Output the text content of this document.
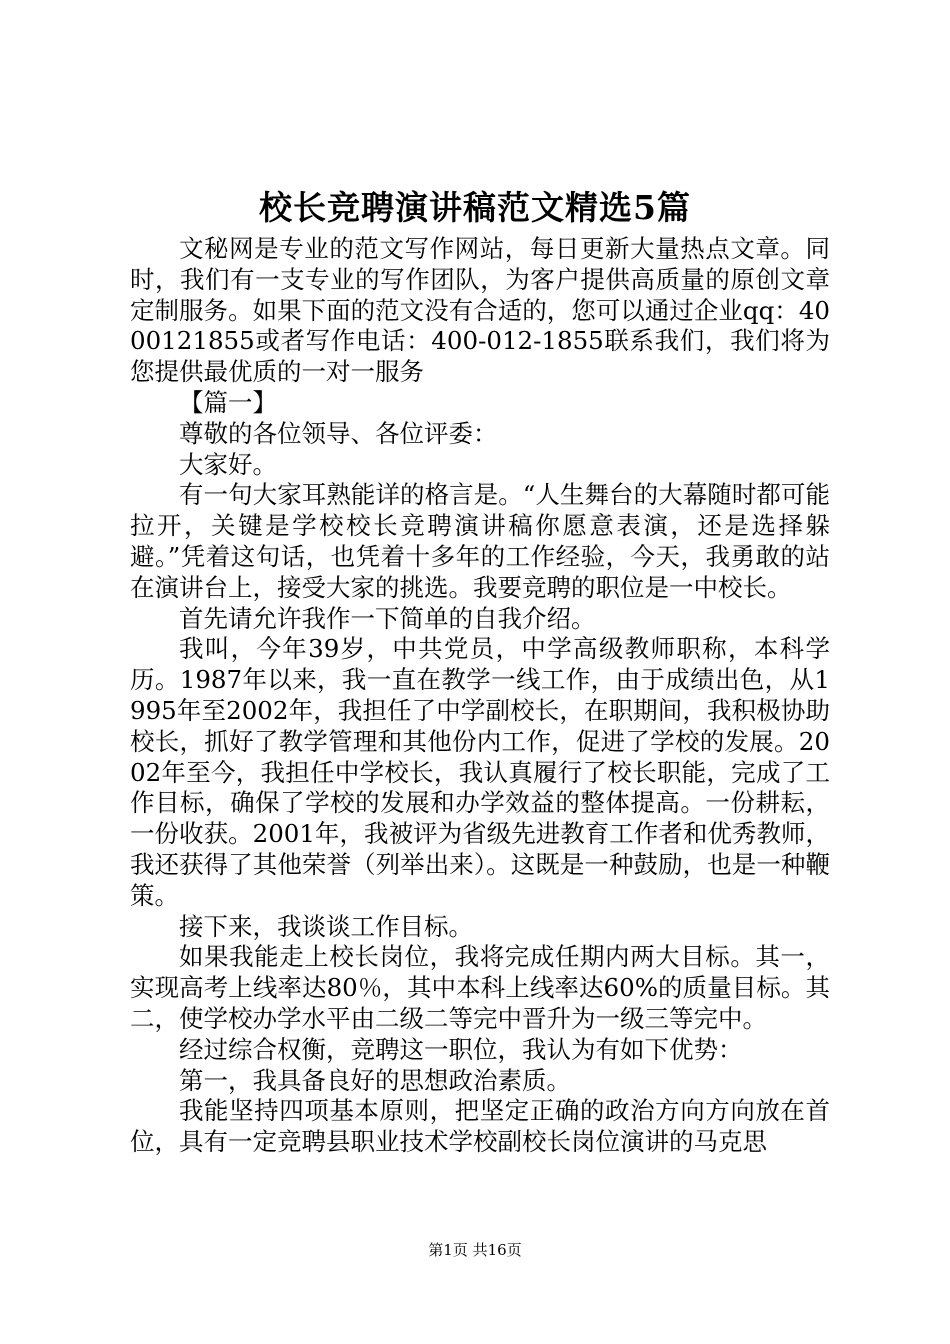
校长竞聘演讲稿范文精选5篇

文秘网是专业的范文写作网站，每日更新大量热点文章。同时，我们有一支专业的写作团队，为客户提供高质量的原创文章定制服务。如果下面的范文没有合适的，您可以通过企业qq：4000121855或者写作电话：400-012-1855联系我们，我们将为您提供最优质的一对一服务

【篇一】

尊敬的各位领导、各位评委：

大家好。

有一句大家耳熟能详的格言是。“人生舞台的大幕随时都可能拉开，关键是学校校长竞聘演讲稿你愿意表演，还是选择躲避。”凭着这句话，也凭着十多年的工作经验，今天，我勇敢的站在演讲台上，接受大家的挑选。我要竞聘的职位是一中校长。

首先请允许我作一下简单的自我介绍。

我叫，今年39岁，中共党员，中学高级教师职称，本科学历。1987年以来，我一直在教学一线工作，由于成绩出色，从1995年至2002年，我担任了中学副校长，在职期间，我积极协助校长，抓好了教学管理和其他份内工作，促进了学校的发展。2002年至今，我担任中学校长，我认真履行了校长职能，完成了工作目标，确保了学校的发展和办学效益的整体提高。一份耕耘，一份收获。2001年，我被评为省级先进教育工作者和优秀教师，我还获得了其他荣誉（列举出来）。这既是一种鼓励，也是一种鞭策。

接下来，我谈谈工作目标。

如果我能走上校长岗位，我将完成任期内两大目标。其一，实现高考上线率达80％，其中本科上线率达60%的质量目标。其二，使学校办学水平由二级二等完中晋升为一级三等完中。

经过综合权衡，竞聘这一职位，我认为有如下优势：

第一，我具备良好的思想政治素质。

我能坚持四项基本原则，把坚定正确的政治方向方向放在首位，具有一定竞聘县职业技术学校副校长岗位演讲的马克思

第1页 共16页
